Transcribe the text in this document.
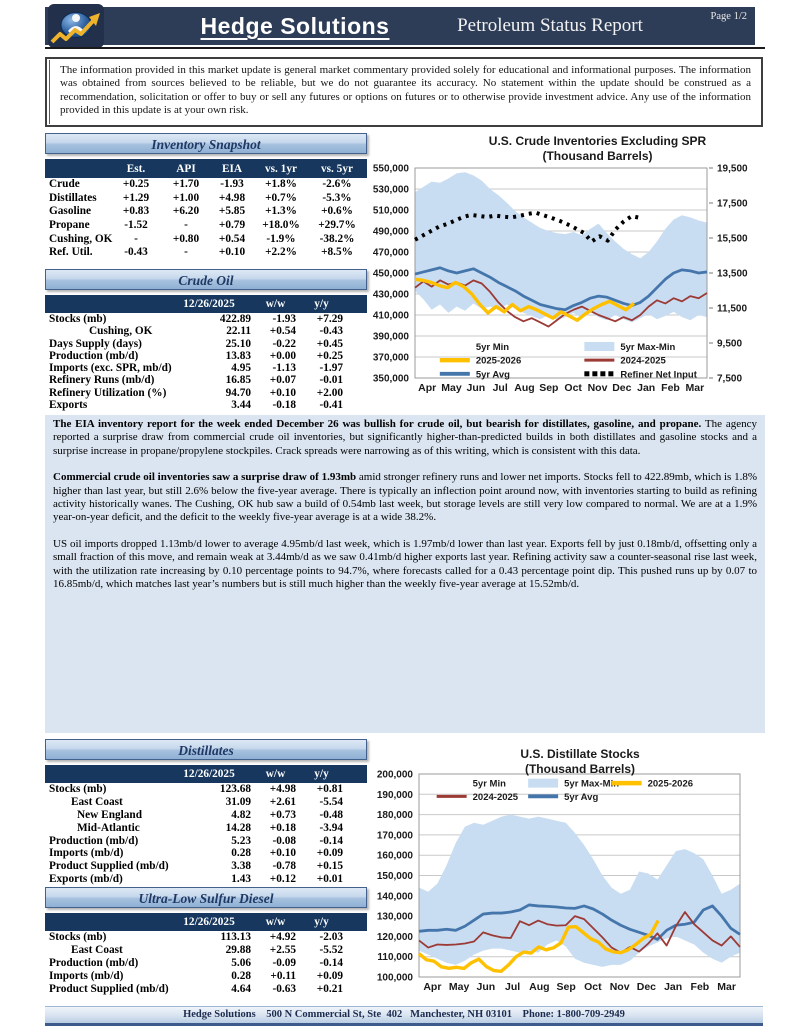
Hedge Solutions	Petroleum Status Report	Page 1/2
The information provided in this market update is general market commentary provided solely for educational and informational purposes. The information was obtained from sources believed to be reliable, but we do not guarantee its accuracy. No statement within the update should be construed as a recommendation, solicitation or offer to buy or sell any futures or options on futures or to otherwise provide investment advice. Any use of the information provided in this update is at your own risk.
Inventory Snapshot
Est.	API	EIA	vs. 1yr	vs. 5yr
Crude	+0.25	+1.70	-1.93	+1.8%	-2.6%
Distillates	+1.29	+1.00	+4.98	+0.7%	-5.3%
Gasoline	+0.83	+6.20	+5.85	+1.3%	+0.6%
Propane	-1.52	-	+0.79	+18.0%	+29.7%
Cushing, OK	-	+0.80	+0.54	-1.9%	-38.2%
Ref. Util.	-0.43	-	+0.10	+2.2%	+8.5%
Crude Oil
12/26/2025	w/w	y/y
Stocks (mb)	422.89	-1.93	+7.29
Cushing, OK	22.11	+0.54	-0.43
Days Supply (days)	25.10	-0.22	+0.45
Production (mb/d)	13.83	+0.00	+0.25
Imports (exc. SPR, mb/d)	4.95	-1.13	-1.97
Refinery Runs (mb/d)	16.85	+0.07	-0.01
Refinery Utilization (%)	94.70	+0.10	+2.00
Exports	3.44	-0.18	-0.41
Distillates
12/26/2025	w/w	y/y
Stocks (mb)	123.68	+4.98	+0.81
East Coast	31.09	+2.61	-5.54
New England	4.82	+0.73	-0.48
Mid-Atlantic	14.28	+0.18	-3.94
Production (mb/d)	5.23	-0.08	-0.14
Imports (mb/d)	0.28	+0.10	+0.09
Product Supplied (mb/d)	3.38	-0.78	+0.15
Exports (mb/d)	1.43	+0.12	+0.01
Ultra-Low Sulfur Diesel
12/26/2025	w/w	y/y
Stocks (mb)	113.13	+4.92	-2.03
East Coast	29.88	+2.55	-5.52
Production (mb/d)	5.06	-0.09	-0.14
Imports (mb/d)	0.28	+0.11	+0.09
Product Supplied (mb/d)	4.64	-0.63	+0.21

The EIA inventory report for the week ended December 26 was bullish for crude oil, but bearish for distillates, gasoline, and propane. The agency reported a surprise draw from commercial crude oil inventories, but significantly higher-than-predicted builds in both distillates and gasoline stocks and a surprise increase in propane/propylene stockpiles. Crack spreads were narrowing as of this writing, which is consistent with this data.

Commercial crude oil inventories saw a surprise draw of 1.93mb amid stronger refinery runs and lower net imports. Stocks fell to 422.89mb, which is 1.8% higher than last year, but still 2.6% below the five-year average. There is typically an inflection point around now, with inventories starting to build as refining activity historically wanes. The Cushing, OK hub saw a build of 0.54mb last week, but storage levels are still very low compared to normal. We are at a 1.9% year-on-year deficit, and the deficit to the weekly five-year average is at a wide 38.2%.

US oil imports dropped 1.13mb/d lower to average 4.95mb/d last week, which is 1.97mb/d lower than last year. Exports fell by just 0.18mb/d, offsetting only a small fraction of this move, and remain weak at 3.44mb/d as we saw 0.41mb/d higher exports last year. Refining activity saw a counter-seasonal rise last week, with the utilization rate increasing by 0.10 percentage points to 94.7%, where forecasts called for a 0.43 percentage point dip. This pushed runs up by 0.07 to 16.85mb/d, which matches last year’s numbers but is still much higher than the weekly five-year average at 15.52mb/d.

550,000
530,000
510,000
490,000
470,000
450,000
430,000
410,000
390,000
370,000
350,000
19,500
17,500
15,500
13,500
11,500
9,500
7,500
Apr May Jun Jul Aug Sep Oct Nov Dec Jan Feb Mar
5yr Min	5yr Max-Min
2025-2026	2024-2025
5yr Avg	Refiner Net Input
U.S. Crude Inventories Excluding SPR
(Thousand Barrels)
200,000
190,000
180,000
170,000
160,000
150,000
140,000
130,000
120,000
110,000
100,000
Apr May Jun Jul Aug Sep Oct Nov Dec Jan Feb Mar
5yr Min	5yr Max-Min	2025-2026
2024-2025	5yr Avg
U.S. Distillate Stocks
(Thousand Barrels)
Hedge Solutions    500 N Commercial St, Ste  402   Manchester, NH 03101    Phone: 1-800-709-2949
